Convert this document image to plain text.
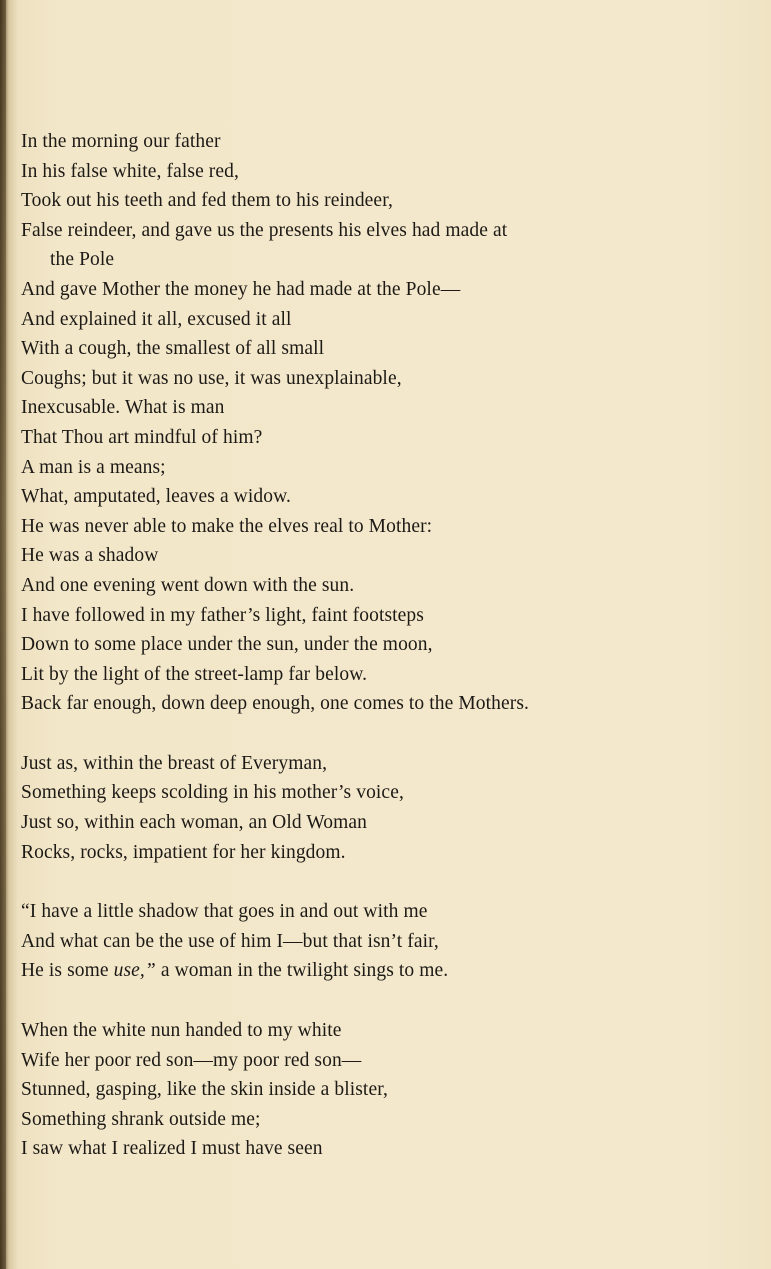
In the morning our father
In his false white, false red,
Took out his teeth and fed them to his reindeer,
False reindeer, and gave us the presents his elves had made at
the Pole
And gave Mother the money he had made at the Pole—
And explained it all, excused it all
With a cough, the smallest of all small
Coughs; but it was no use, it was unexplainable,
Inexcusable. What is man
That Thou art mindful of him?
A man is a means;
What, amputated, leaves a widow.
He was never able to make the elves real to Mother:
He was a shadow
And one evening went down with the sun.
I have followed in my father’s light, faint footsteps
Down to some place under the sun, under the moon,
Lit by the light of the street-lamp far below.
Back far enough, down deep enough, one comes to the Mothers.
Just as, within the breast of Everyman,
Something keeps scolding in his mother’s voice,
Just so, within each woman, an Old Woman
Rocks, rocks, impatient for her kingdom.
“I have a little shadow that goes in and out with me
And what can be the use of him I—but that isn’t fair,
He is some use,” a woman in the twilight sings to me.
When the white nun handed to my white
Wife her poor red son—my poor red son—
Stunned, gasping, like the skin inside a blister,
Something shrank outside me;
I saw what I realized I must have seen
